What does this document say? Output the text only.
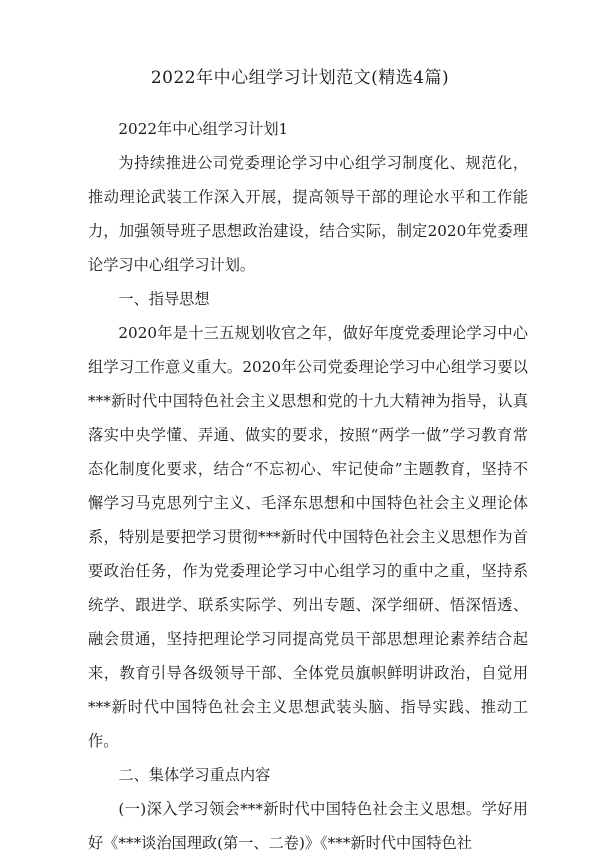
2022年中心组学习计划范文(精选4篇)

2022年中心组学习计划1

为持续推进公司党委理论学习中心组学习制度化、规范化，推动理论武装工作深入开展，提高领导干部的理论水平和工作能力，加强领导班子思想政治建设，结合实际，制定2020年党委理论学习中心组学习计划。

一、指导思想

2020年是十三五规划收官之年，做好年度党委理论学习中心组学习工作意义重大。2020年公司党委理论学习中心组学习要以***新时代中国特色社会主义思想和党的十九大精神为指导，认真落实中央学懂、弄通、做实的要求，按照“两学一做”学习教育常态化制度化要求，结合“不忘初心、牢记使命”主题教育，坚持不懈学习马克思列宁主义、毛泽东思想和中国特色社会主义理论体系，特别是要把学习贯彻***新时代中国特色社会主义思想作为首要政治任务，作为党委理论学习中心组学习的重中之重，坚持系统学、跟进学、联系实际学、列出专题、深学细研、悟深悟透、融会贯通，坚持把理论学习同提高党员干部思想理论素养结合起来，教育引导各级领导干部、全体党员旗帜鲜明讲政治，自觉用***新时代中国特色社会主义思想武装头脑、指导实践、推动工作。

二、集体学习重点内容

(一)深入学习领会***新时代中国特色社会主义思想。学好用好《***谈治国理政(第一、二卷)》《***新时代中国特色社
